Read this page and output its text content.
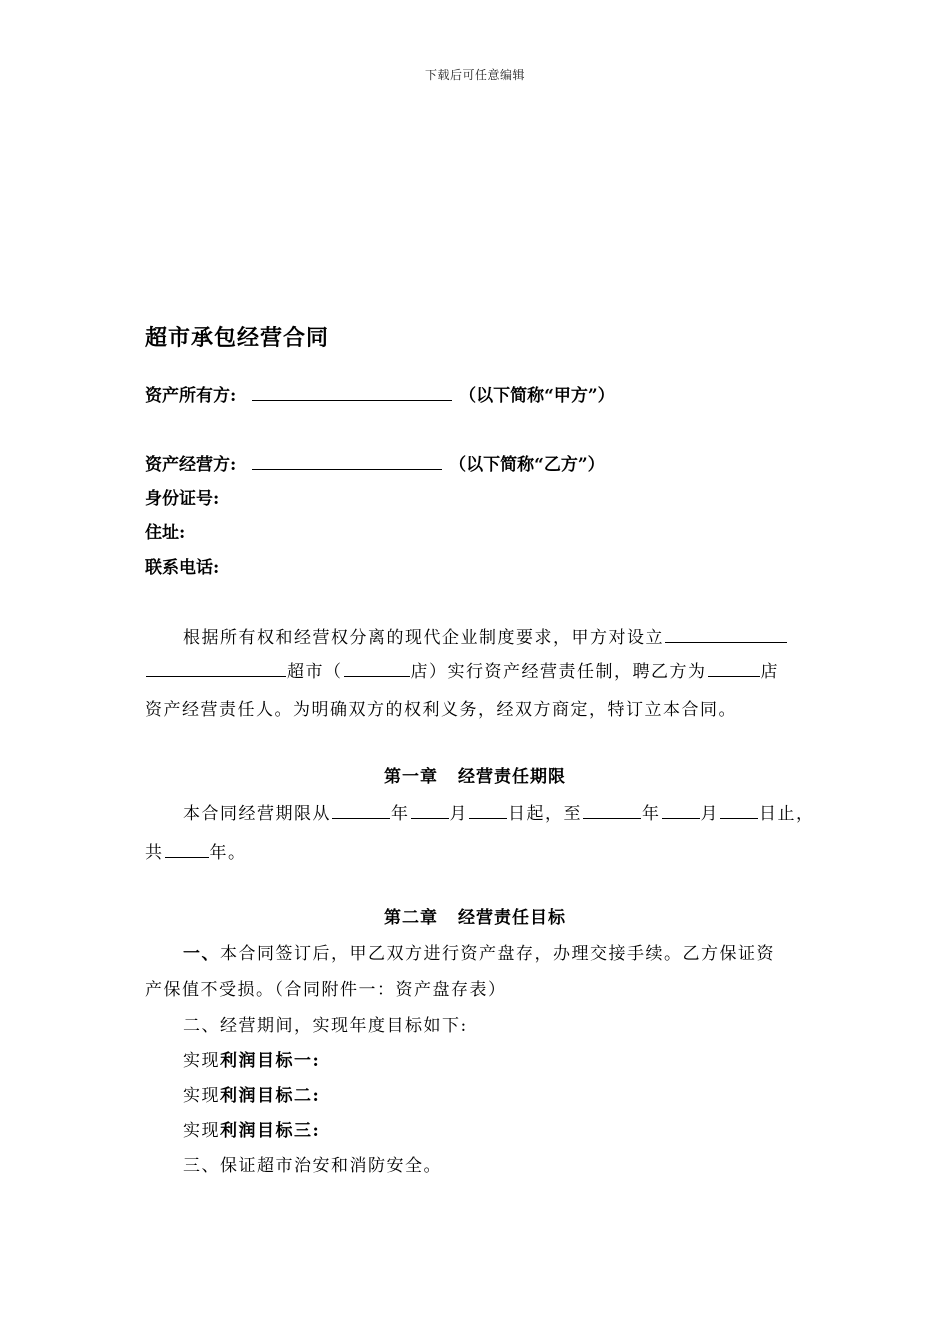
下载后可任意编辑
超市承包经营合同
资产所有方:	（以下简称“甲方”）
资产经营方:	（以下简称“乙方”）
身份证号:
住址:
联系电话:
根据所有权和经营权分离的现代企业制度要求，甲方对设立
超市（	店）实行资产经营责任制，聘乙方为	店
资产经营责任人。为明确双方的权利义务，经双方商定，特订立本合同。
第一章 经营责任期限
本合同经营期限从	年 月 日起，至	年 月 日止，
共	年。
第二章 经营责任目标
一、本合同签订后，甲乙双方进行资产盘存，办理交接手续。乙方保证资
产保值不受损。（合同附件一：资产盘存表）
二、经营期间，实现年度目标如下:
实现利润目标一:
实现利润目标二:
实现利润目标三:
三、保证超市治安和消防安全。
